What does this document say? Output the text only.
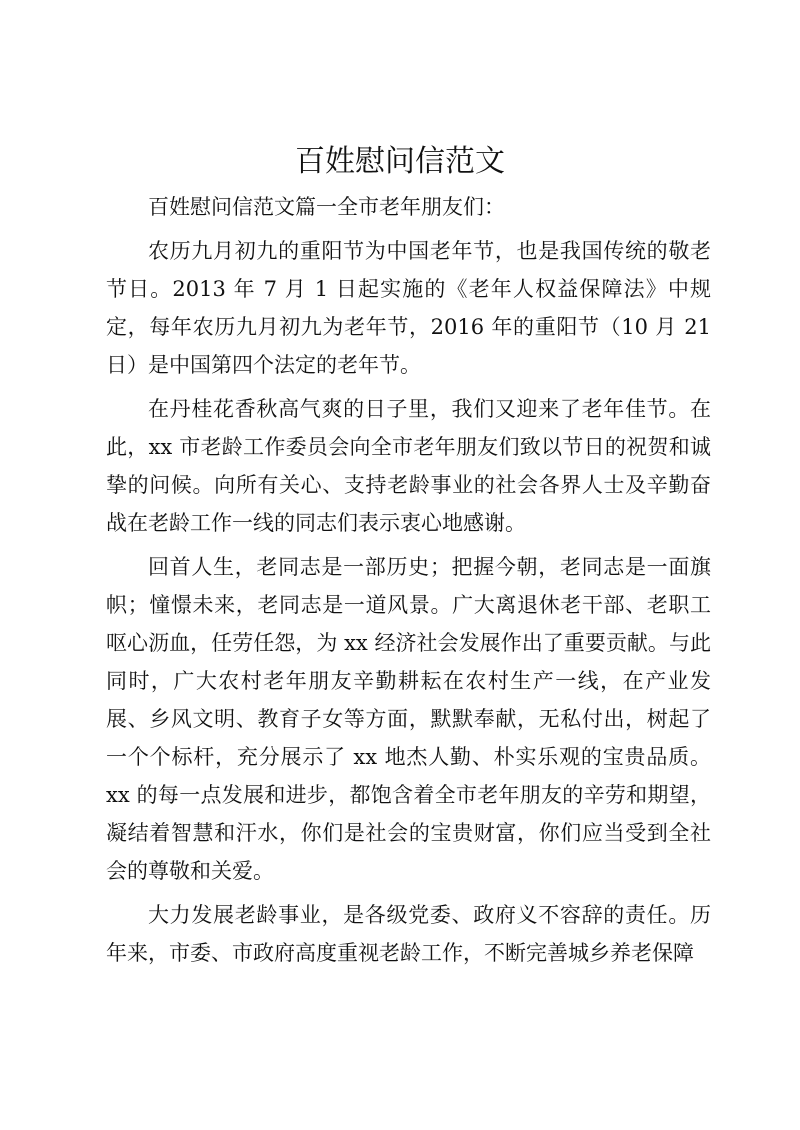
百姓慰问信范文

百姓慰问信范文篇一全市老年朋友们：

农历九月初九的重阳节为中国老年节，也是我国传统的敬老节日。2013 年 7 月 1 日起实施的《老年人权益保障法》中规定，每年农历九月初九为老年节，2016 年的重阳节（10 月 21 日）是中国第四个法定的老年节。

在丹桂花香秋高气爽的日子里，我们又迎来了老年佳节。在此，xx 市老龄工作委员会向全市老年朋友们致以节日的祝贺和诚挚的问候。向所有关心、支持老龄事业的社会各界人士及辛勤奋战在老龄工作一线的同志们表示衷心地感谢。

回首人生，老同志是一部历史；把握今朝，老同志是一面旗帜；憧憬未来，老同志是一道风景。广大离退休老干部、老职工呕心沥血，任劳任怨，为 xx 经济社会发展作出了重要贡献。与此同时，广大农村老年朋友辛勤耕耘在农村生产一线，在产业发展、乡风文明、教育子女等方面，默默奉献，无私付出，树起了一个个标杆，充分展示了 xx 地杰人勤、朴实乐观的宝贵品质。xx 的每一点发展和进步，都饱含着全市老年朋友的辛劳和期望，凝结着智慧和汗水，你们是社会的宝贵财富，你们应当受到全社会的尊敬和关爱。

大力发展老龄事业，是各级党委、政府义不容辞的责任。历年来，市委、市政府高度重视老龄工作，不断完善城乡养老保障
